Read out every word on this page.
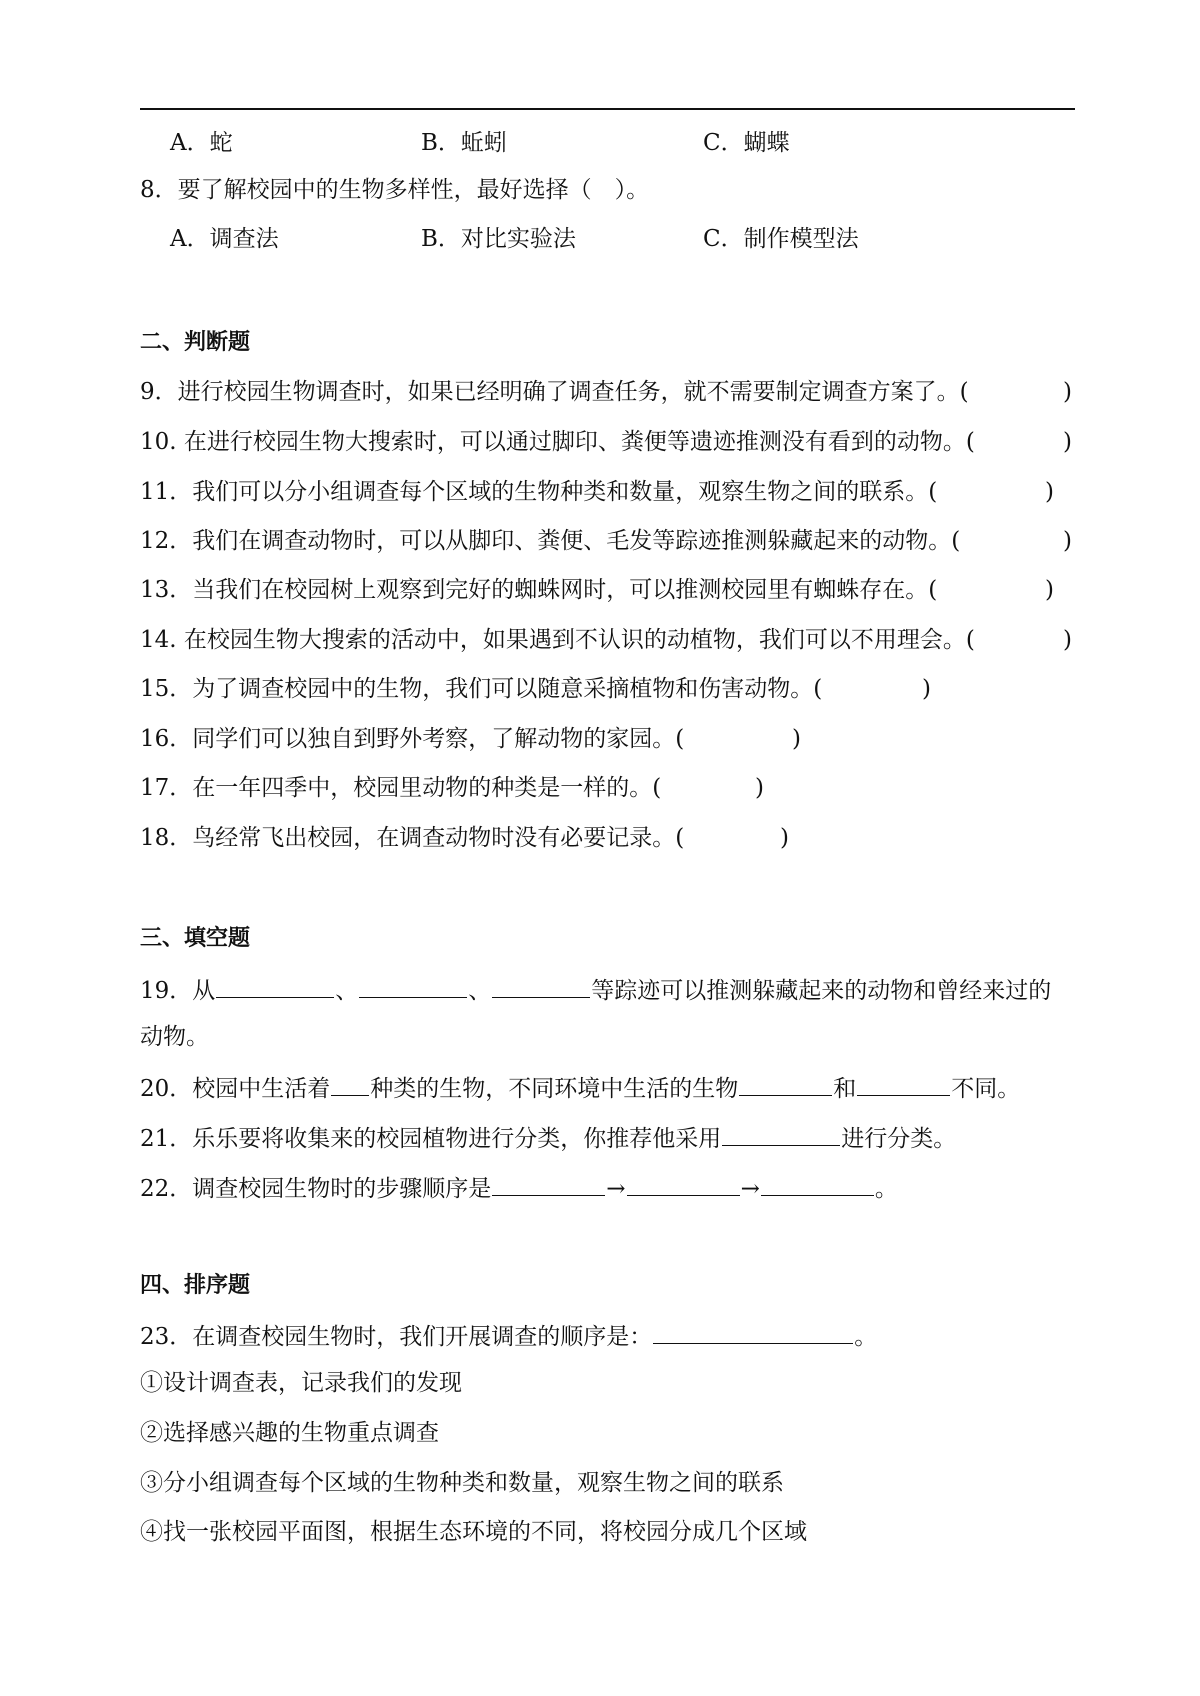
A．蛇	B．蚯蚓	C．蝴蝶
8．要了解校园中的生物多样性，最好选择（　）。
A．调查法	B．对比实验法	C．制作模型法
二、判断题
9．进行校园生物调查时，如果已经明确了调查任务，就不需要制定调查方案了。(	)
10. 在进行校园生物大搜索时，可以通过脚印、粪便等遗迹推测没有看到的动物。(	)
11．我们可以分小组调查每个区域的生物种类和数量，观察生物之间的联系。(	)
12．我们在调查动物时，可以从脚印、粪便、毛发等踪迹推测躲藏起来的动物。(	)
13．当我们在校园树上观察到完好的蜘蛛网时，可以推测校园里有蜘蛛存在。(	)
14. 在校园生物大搜索的活动中，如果遇到不认识的动植物，我们可以不用理会。(	)
15．为了调查校园中的生物，我们可以随意采摘植物和伤害动物。(	)
16．同学们可以独自到野外考察，了解动物的家园。(	)
17．在一年四季中，校园里动物的种类是一样的。(	)
18．鸟经常飞出校园，在调查动物时没有必要记录。(	)
三、填空题
19．从	、	、	等踪迹可以推测躲藏起来的动物和曾经来过的
动物。
20．校园中生活着 种类的生物，不同环境中生活的生物	和	不同。
21．乐乐要将收集来的校园植物进行分类，你推荐他采用	进行分类。
22．调查校园生物时的步骤顺序是	→	→	。
四、排序题
23．在调查校园生物时，我们开展调查的顺序是：	。
①设计调查表，记录我们的发现
②选择感兴趣的生物重点调查
③分小组调查每个区域的生物种类和数量，观察生物之间的联系
④找一张校园平面图，根据生态环境的不同，将校园分成几个区域
